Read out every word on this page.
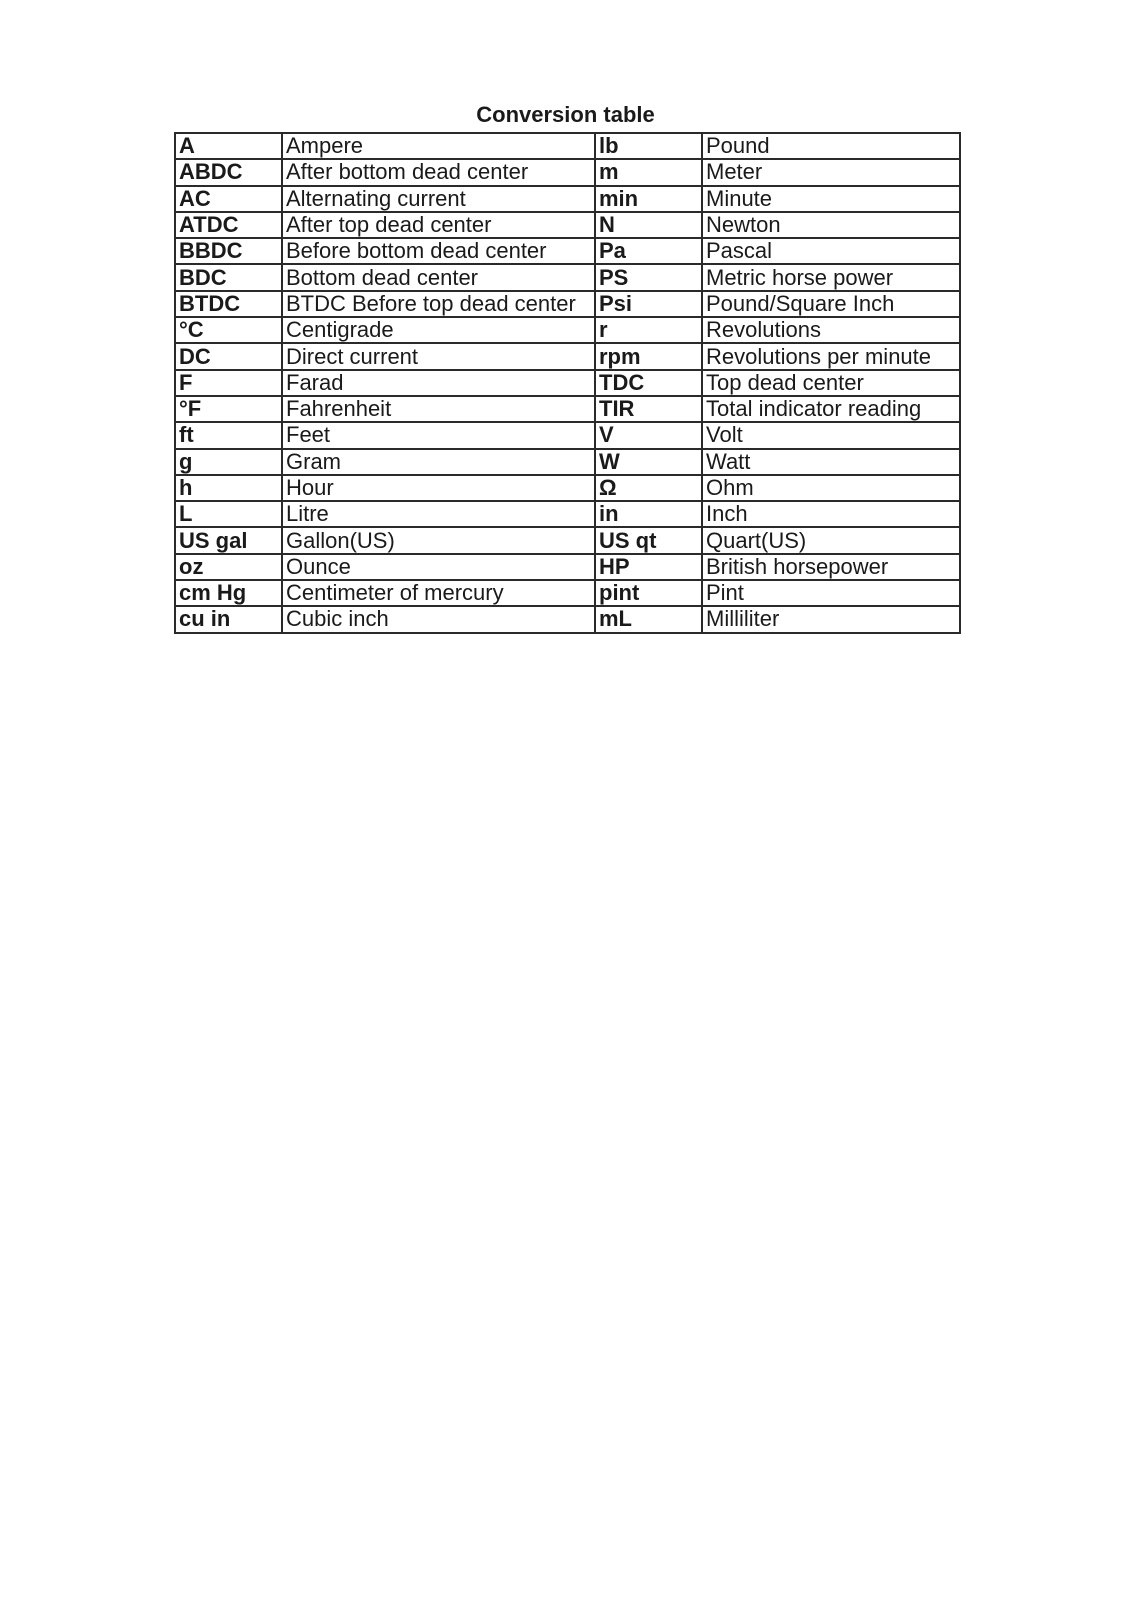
Conversion table
A	Ampere	lb	Pound
ABDC	After bottom dead center	m	Meter
AC	Alternating current	min	Minute
ATDC	After top dead center	N	Newton
BBDC	Before bottom dead center	Pa	Pascal
BDC	Bottom dead center	PS	Metric horse power
BTDC	BTDC Before top dead center	Psi	Pound/Square Inch
°C	Centigrade	r	Revolutions
DC	Direct current	rpm	Revolutions per minute
F	Farad	TDC	Top dead center
°F	Fahrenheit	TIR	Total indicator reading
ft	Feet	V	Volt
g	Gram	W	Watt
h	Hour	Ω	Ohm
L	Litre	in	Inch
US gal	Gallon(US)	US qt	Quart(US)
oz	Ounce	HP	British horsepower
cm Hg	Centimeter of mercury	pint	Pint
cu in	Cubic inch	mL	Milliliter
